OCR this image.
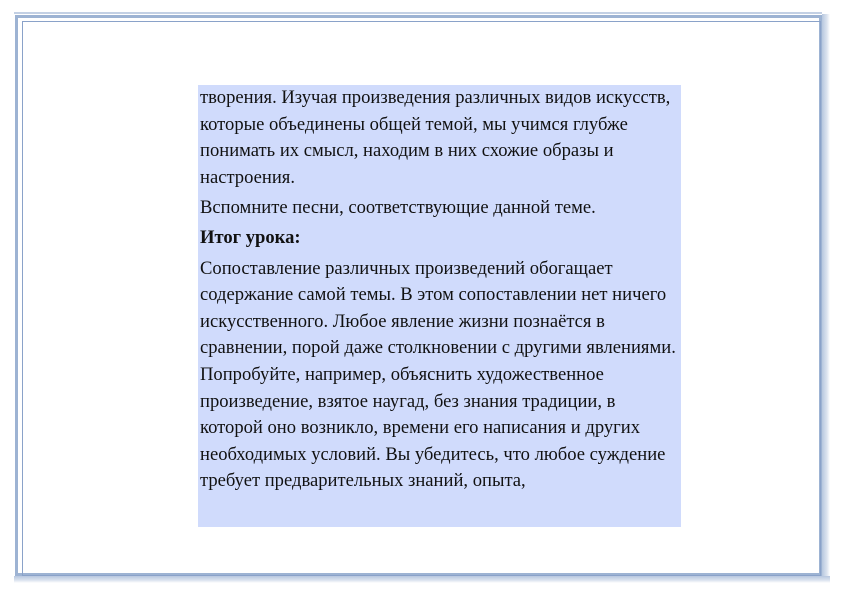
творения. Изучая произведения различных видов искусств, которые объединены общей темой, мы учимся глубже понимать их смысл, находим в них схожие образы и настроения.

Вспомните песни, соответствующие данной теме.

Итог урока:

Сопоставление различных произведений обогащает содержание самой темы. В этом сопоставлении нет ничего искусственного. Любое явление жизни познаётся в сравнении, порой даже столкновении с другими явлениями. Попробуйте, например, объяснить художественное произведение, взятое наугад, без знания традиции, в которой оно возникло, времени его написания и других необходимых условий. Вы убедитесь, что любое суждение требует предварительных знаний, опыта,
